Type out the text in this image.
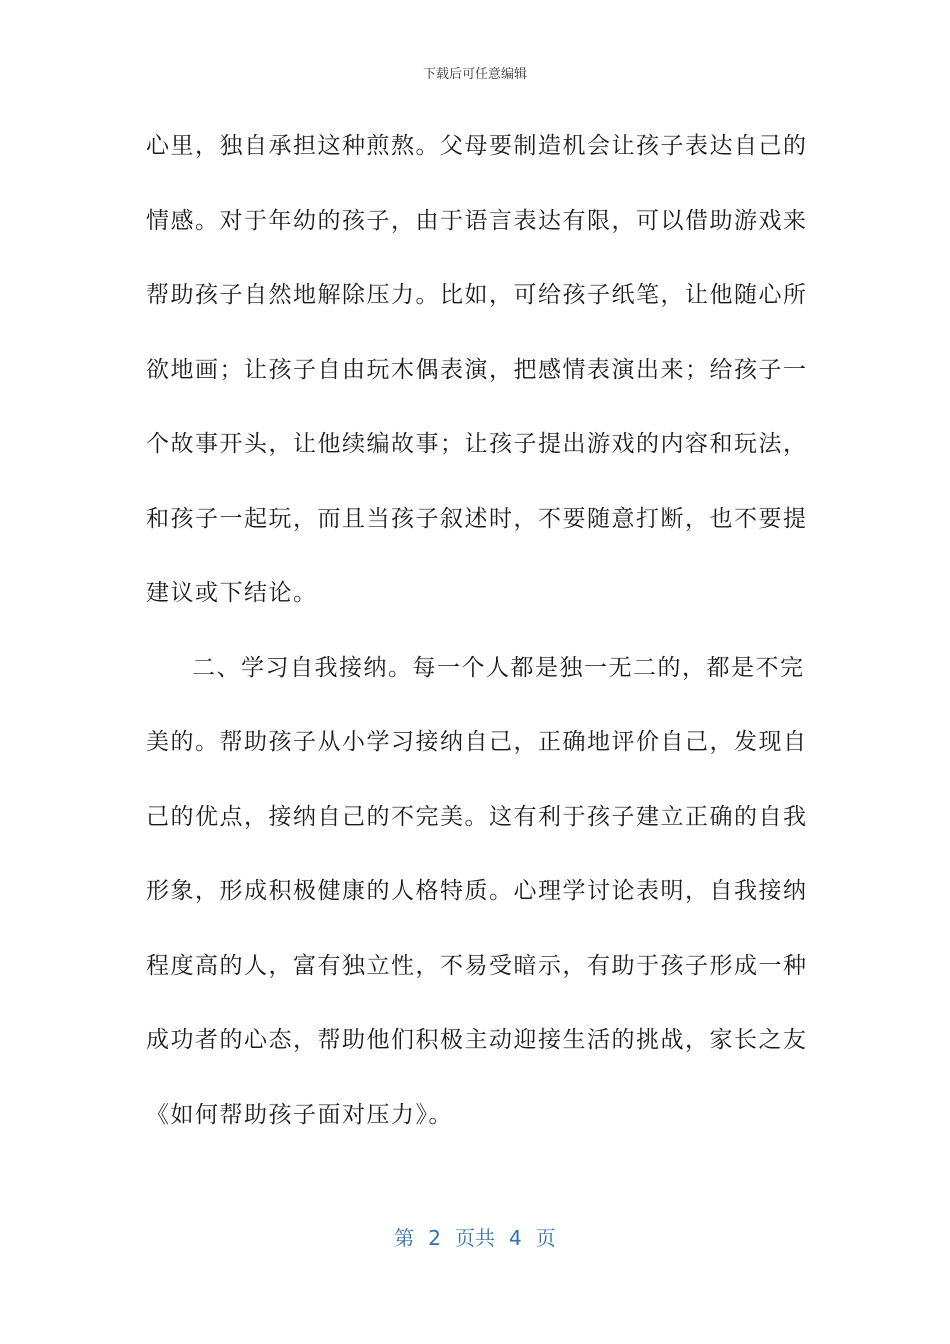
下载后可任意编辑
心里，独自承担这种煎熬。父母要制造机会让孩子表达自己的
情感。对于年幼的孩子，由于语言表达有限，可以借助游戏来
帮助孩子自然地解除压力。比如，可给孩子纸笔，让他随心所
欲地画；让孩子自由玩木偶表演，把感情表演出来；给孩子一
个故事开头，让他续编故事；让孩子提出游戏的内容和玩法，
和孩子一起玩，而且当孩子叙述时，不要随意打断，也不要提
建议或下结论。
二、学习自我接纳。每一个人都是独一无二的，都是不完
美的。帮助孩子从小学习接纳自己，正确地评价自己，发现自
己的优点，接纳自己的不完美。这有利于孩子建立正确的自我
形象，形成积极健康的人格特质。心理学讨论表明，自我接纳
程度高的人，富有独立性，不易受暗示，有助于孩子形成一种
成功者的心态，帮助他们积极主动迎接生活的挑战，家长之友
《如何帮助孩子面对压力》。
第 2 页共 4 页
